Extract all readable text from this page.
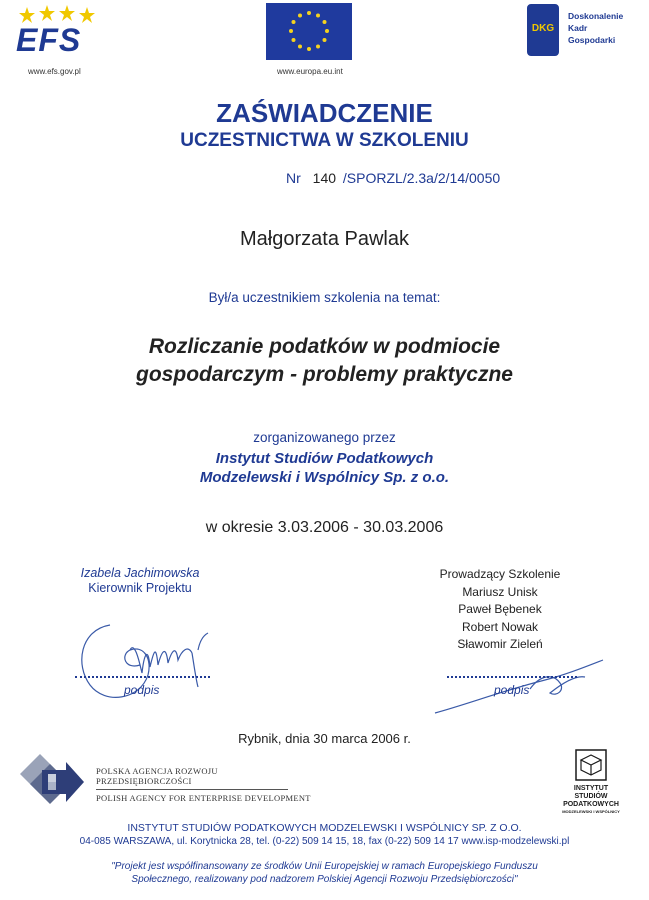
EFS
www.efs.gov.pl	www.europa.eu.int
DKG
Doskonalenie
Kadr
Gospodarki
ZAŚWIADCZENIE
UCZESTNICTWA W SZKOLENIU
Nr 140 /SPORZL/2.3a/2/14/0050
Małgorzata Pawlak
Był/a uczestnikiem szkolenia na temat:
Rozliczanie podatków w podmiocie
gospodarczym - problemy praktyczne
zorganizowanego przez
Instytut Studiów Podatkowych
Modzelewski i Wspólnicy Sp. z o.o.
w okresie 3.03.2006 - 30.03.2006
Izabela Jachimowska
Kierownik Projektu
podpis
Prowadzący Szkolenie
Mariusz Unisk
Paweł Bębenek
Robert Nowak
Sławomir Zieleń
podpis
Rybnik, dnia 30 marca 2006 r.
POLSKA AGENCJA ROZWOJU PRZEDSIĘBIORCZOŚCI
POLISH AGENCY FOR ENTERPRISE DEVELOPMENT
INSTYTUT
STUDIÓW
PODATKOWYCH
MODZELEWSKI I WSPÓLNICY
INSTYTUT STUDIÓW PODATKOWYCH MODZELEWSKI I WSPÓLNICY SP. Z O.O.
04-085 WARSZAWA, ul. Korytnicka 28, tel. (0-22) 509 14 15, 18, fax (0-22) 509 14 17 www.isp-modzelewski.pl
"Projekt jest współfinansowany ze środków Unii Europejskiej w ramach Europejskiego Funduszu
Społecznego, realizowany pod nadzorem Polskiej Agencji Rozwoju Przedsiębiorczości"
